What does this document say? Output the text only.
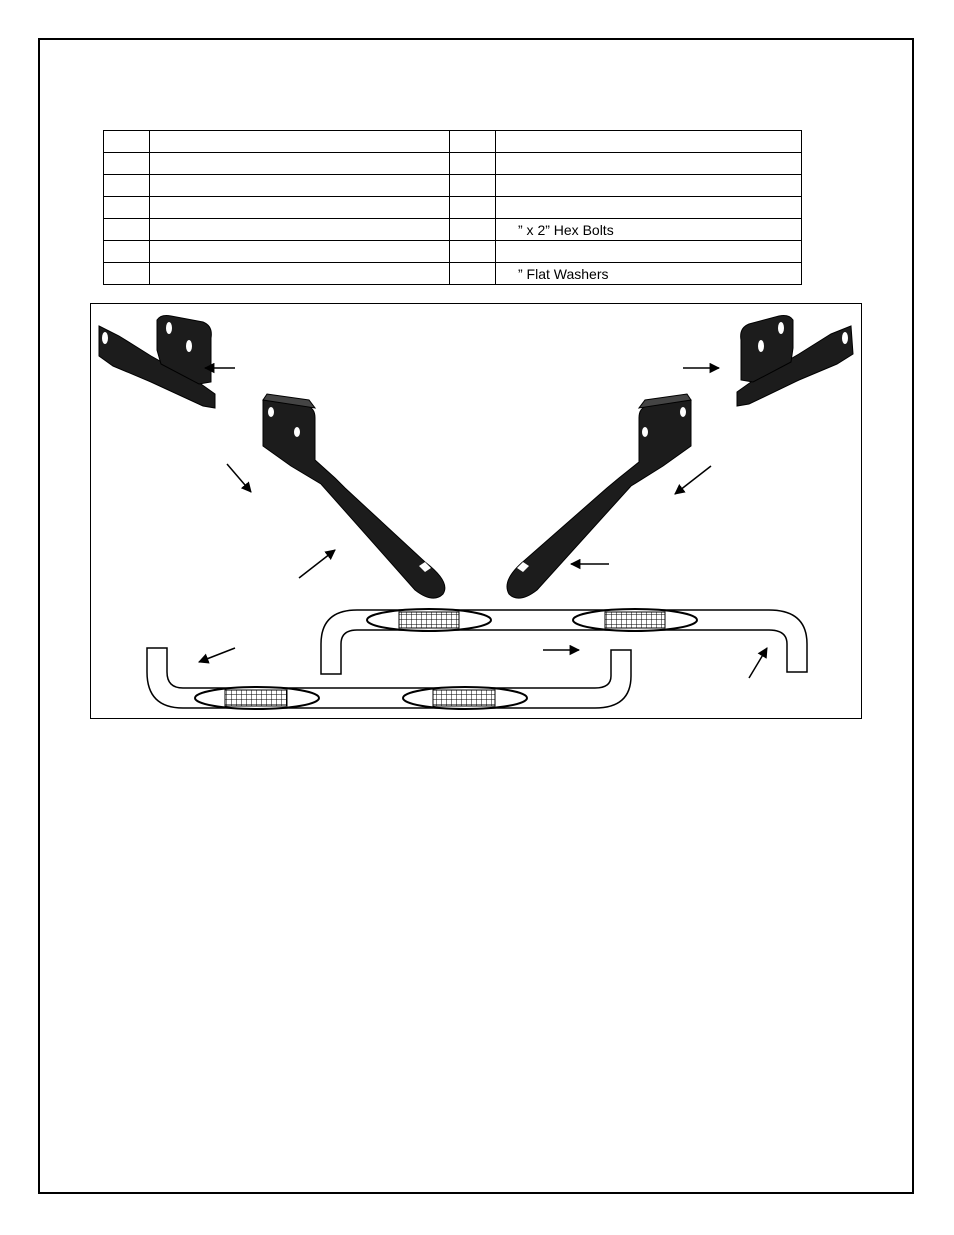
			” x 2” Hex Bolts

			” Flat Washers
